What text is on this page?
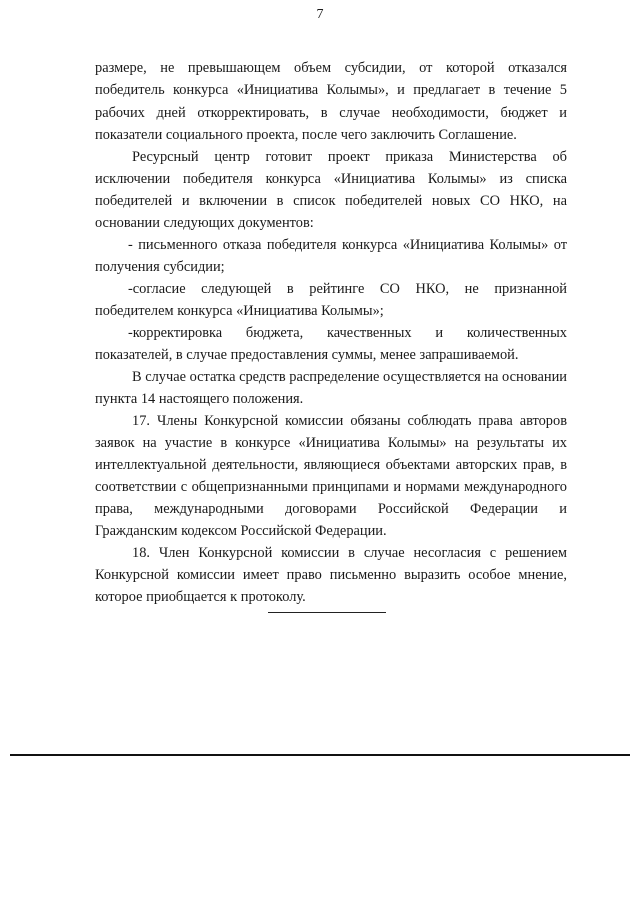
7
размере, не превышающем объем субсидии, от которой отказался
победитель конкурса «Инициатива Колымы», и предлагает в течение 5
рабочих дней откорректировать, в случае необходимости, бюджет и
показатели социального проекта, после чего заключить Соглашение.
Ресурсный центр готовит проект приказа Министерства об
исключении победителя конкурса «Инициатива Колымы» из списка
победителей и включении в список победителей новых СО НКО, на
основании следующих документов:
- письменного отказа победителя конкурса «Инициатива Колымы» от
получения субсидии;
-согласие следующей в рейтинге СО НКО, не признанной
победителем конкурса «Инициатива Колымы»;
-корректировка бюджета, качественных и количественных
показателей, в случае предоставления суммы, менее запрашиваемой.
В случае остатка средств распределение осуществляется на основании
пункта 14 настоящего положения.
17. Члены Конкурсной комиссии обязаны соблюдать права авторов
заявок на участие в конкурсе «Инициатива Колымы» на результаты их
интеллектуальной деятельности, являющиеся объектами авторских прав, в
соответствии с общепризнанными принципами и нормами международного
права, международными договорами Российской Федерации и
Гражданским кодексом Российской Федерации.
18. Член Конкурсной комиссии в случае несогласия с решением
Конкурсной комиссии имеет право письменно выразить особое мнение,
которое приобщается к протоколу.
